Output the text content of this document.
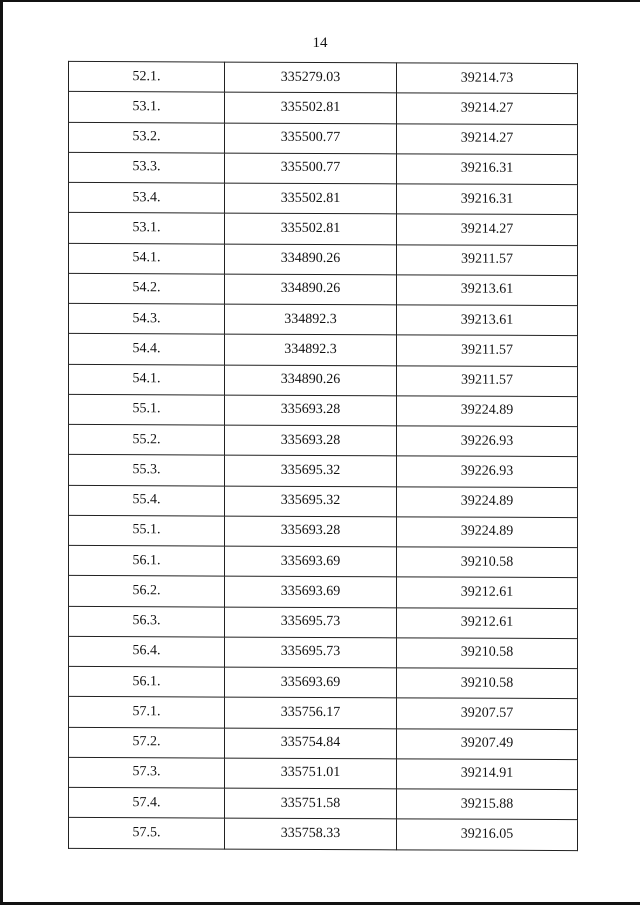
14
52.1.	335279.03	39214.73
53.1.	335502.81	39214.27
53.2.	335500.77	39214.27
53.3.	335500.77	39216.31
53.4.	335502.81	39216.31
53.1.	335502.81	39214.27
54.1.	334890.26	39211.57
54.2.	334890.26	39213.61
54.3.	334892.3	39213.61
54.4.	334892.3	39211.57
54.1.	334890.26	39211.57
55.1.	335693.28	39224.89
55.2.	335693.28	39226.93
55.3.	335695.32	39226.93
55.4.	335695.32	39224.89
55.1.	335693.28	39224.89
56.1.	335693.69	39210.58
56.2.	335693.69	39212.61
56.3.	335695.73	39212.61
56.4.	335695.73	39210.58
56.1.	335693.69	39210.58
57.1.	335756.17	39207.57
57.2.	335754.84	39207.49
57.3.	335751.01	39214.91
57.4.	335751.58	39215.88
57.5.	335758.33	39216.05
